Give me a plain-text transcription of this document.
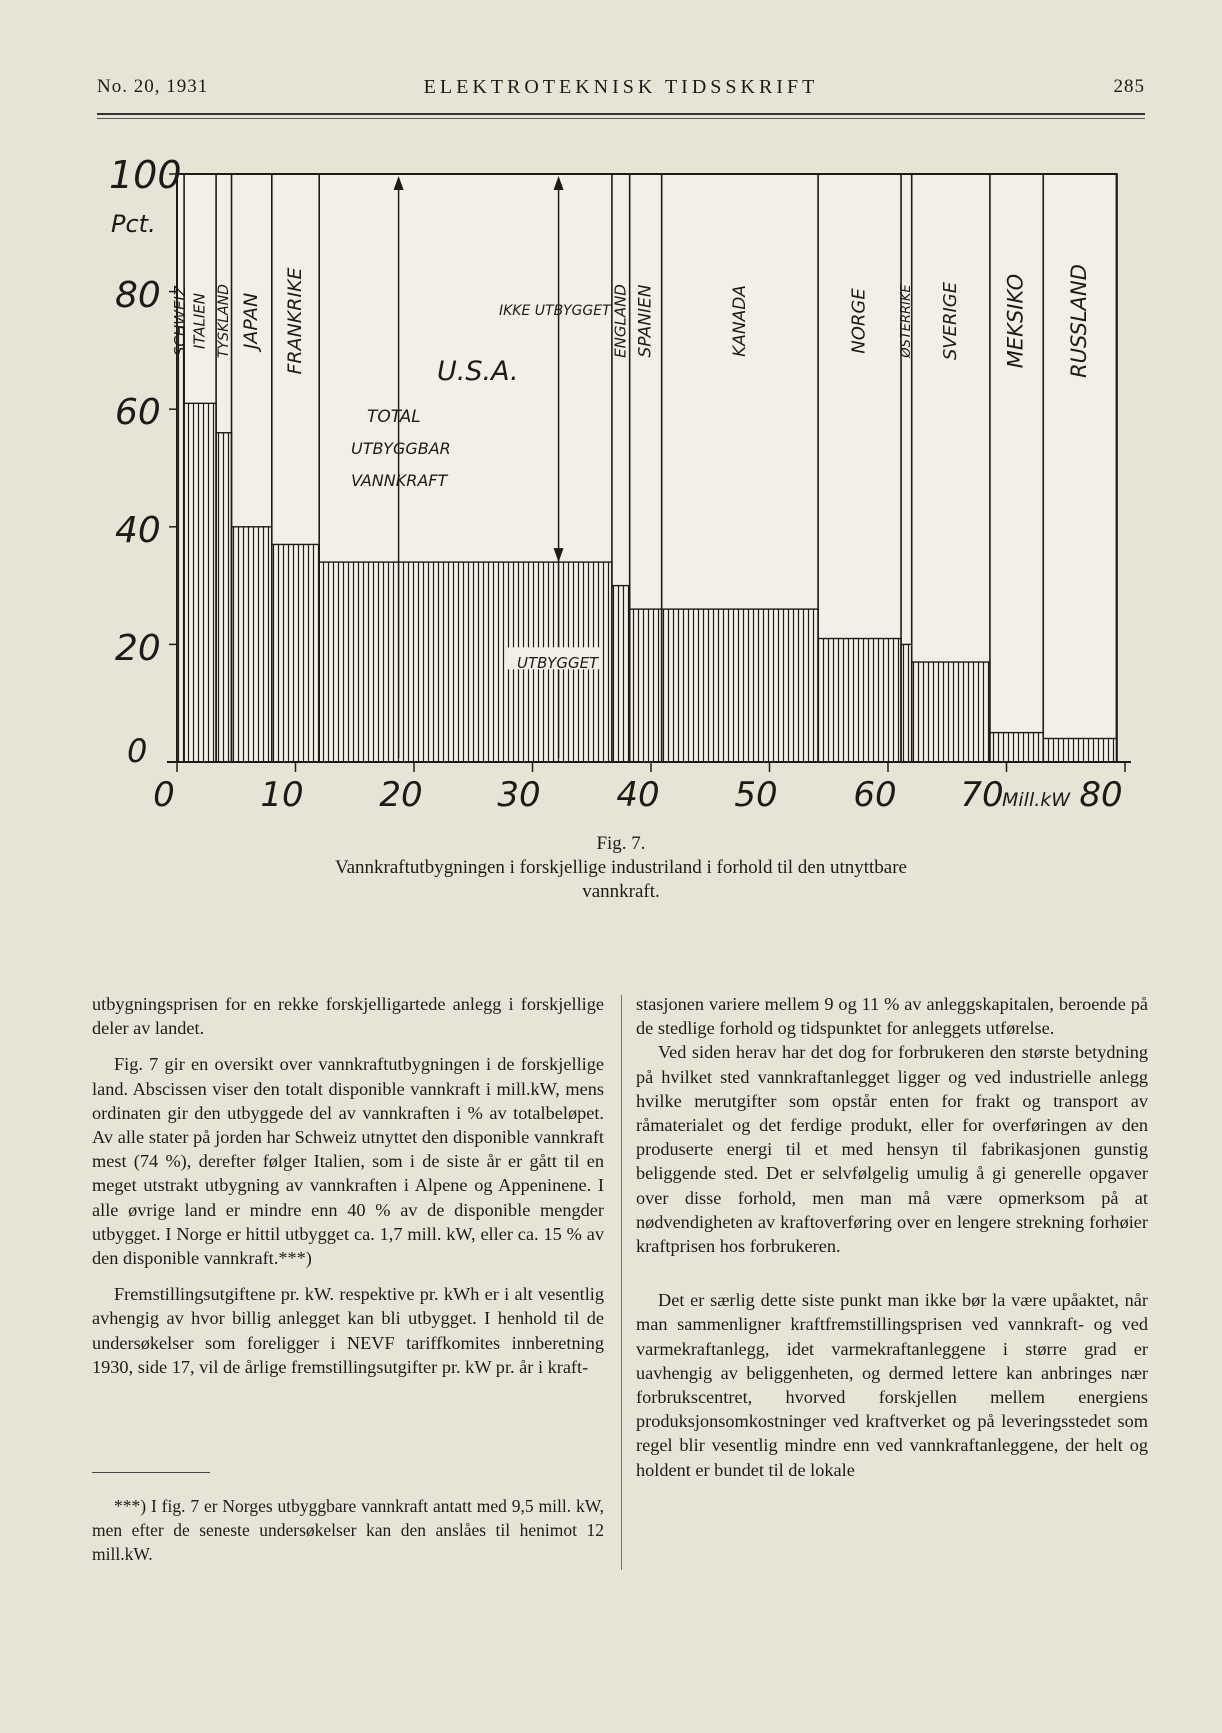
No. 20, 1931	ELEKTROTEKNISK TIDSSKRIFT	285
SCHWEIZ ITALIEN TYSKLAND JAPAN FRANKRIKE	ENGLAND SPANIEN	KANADA	NORGE ØSTERRIKE SVERIGE MEKSIKO RUSSLAND
UTBYGGET
100
Pct.
80
60
40
20
0
0	10 20 30 40 50 60 70
Mill.kW 80
IKKE UTBYGGET
U.S.A.
TOTAL
UTBYGGBAR
VANNKRAFT
Fig. 7.
Vannkraftutbygningen i forskjellige industriland i forhold til den utnyttbare vannkraft.

utbygningsprisen for en rekke forskjelligartede anlegg i forskjellige deler av landet.

Fig. 7 gir en oversikt over vannkraftutbygningen i de forskjellige land. Abscissen viser den totalt disponible vannkraft i mill.kW, mens ordinaten gir den utbyggede del av vannkraften i % av totalbeløpet. Av alle stater på jorden har Schweiz utnyttet den disponible vannkraft mest (74 %), derefter følger Italien, som i de siste år er gått til en meget utstrakt utbygning av vannkraften i Alpene og Appeninene. I alle øvrige land er mindre enn 40 % av de disponible mengder utbygget. I Norge er hittil utbygget ca. 1,7 mill. kW, eller ca. 15 % av den disponible vannkraft.***)

Fremstillingsutgiftene pr. kW. respektive pr. kWh er i alt vesentlig avhengig av hvor billig anlegget kan bli utbygget. I henhold til de undersøkelser som foreligger i NEVF tariffkomites innberetning 1930, side 17, vil de årlige fremstillingsutgifter pr. kW pr. år i kraft-

stasjonen variere mellem 9 og 11 % av anleggskapitalen, beroende på de stedlige forhold og tidspunktet for anleggets utførelse.

Ved siden herav har det dog for forbrukeren den største betydning på hvilket sted vannkraftanlegget ligger og ved industrielle anlegg hvilke merutgifter som opstår enten for frakt og transport av råmaterialet og det ferdige produkt, eller for overføringen av den produserte energi til et med hensyn til fabrikasjonen gunstig beliggende sted. Det er selvfølgelig umulig å gi generelle opgaver over disse forhold, men man må være opmerksom på at nødvendigheten av kraftoverføring over en lengere strekning forhøier kraftprisen hos forbrukeren.

Det er særlig dette siste punkt man ikke bør la være upåaktet, når man sammenligner kraftfremstillingsprisen ved vannkraft- og ved varmekraftanlegg, idet varmekraftanleggene i større grad er uavhengig av beliggenheten, og dermed lettere kan anbringes nær forbrukscentret, hvorved forskjellen mellem energiens produksjonsomkostninger ved kraftverket og på leveringsstedet som regel blir vesentlig mindre enn ved vannkraftanleggene, der helt og holdent er bundet til de lokale

***) I fig. 7 er Norges utbyggbare vannkraft antatt med 9,5 mill. kW, men efter de seneste undersøkelser kan den anslåes til henimot 12 mill.kW.
